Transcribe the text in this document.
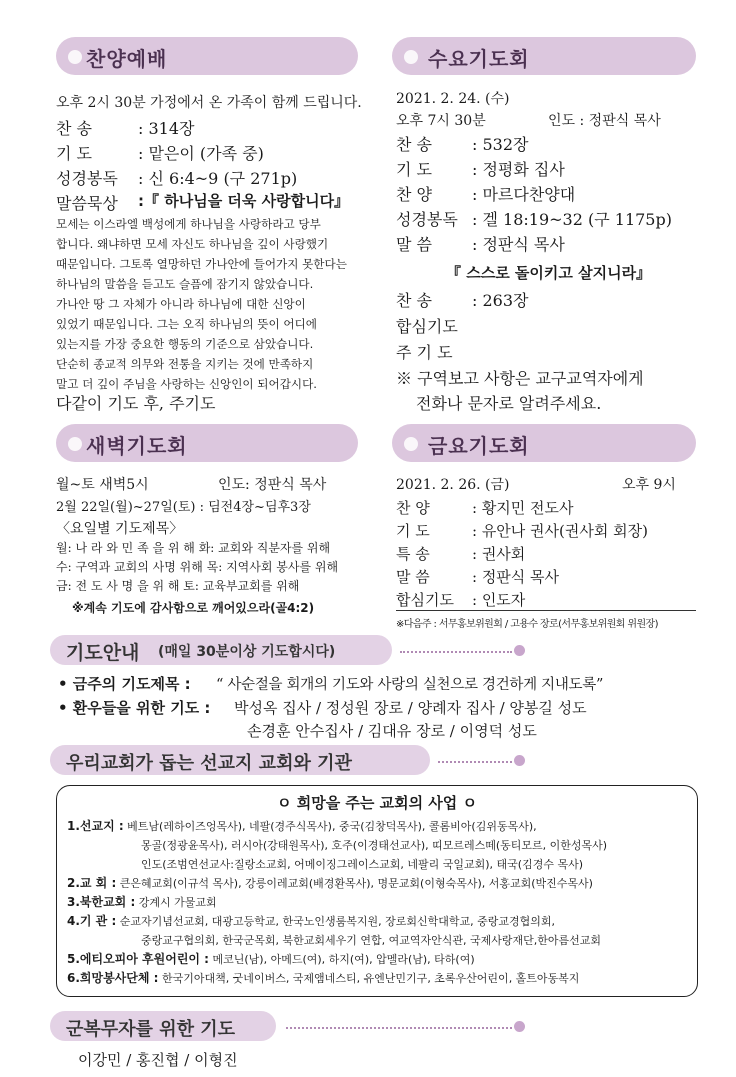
찬양예배
오후 2시 30분 가정에서 온 가족이 함께 드립니다.
찬 송	: 314장
기 도	: 맡은이 (가족 중)
성경봉독 : 신 6:4~9 (구 271p)
말씀묵상 :『 하나님을 더욱 사랑합니다』
모세는 이스라엘 백성에게 하나님을 사랑하라고 당부
합니다. 왜냐하면 모세 자신도 하나님을 깊이 사랑했기
때문입니다. 그토록 열망하던 가나안에 들어가지 못한다는
하나님의 말씀을 듣고도 슬픔에 잠기지 않았습니다.
가나안 땅 그 자체가 아니라 하나님에 대한 신앙이
있었기 때문입니다. 그는 오직 하나님의 뜻이 어디에
있는지를 가장 중요한 행동의 기준으로 삼았습니다.
단순히 종교적 의무와 전통을 지키는 것에 만족하지
말고 더 깊이 주님을 사랑하는 신앙인이 되어갑시다.
다같이 기도 후, 주기도
수요기도회
2021. 2. 24. (수)
오후 7시 30분	인도 : 정판식 목사
찬 송	: 532장
기 도	: 정평화 집사
찬 양	: 마르다찬양대
성경봉독 : 겔 18:19~32 (구 1175p)
말 씀	: 정판식 목사
『 스스로 돌이키고 살지니라』
찬 송	: 263장
합심기도
주 기 도
※ 구역보고 사항은 교구교역자에게
전화나 문자로 알려주세요.
새벽기도회
월~토 새벽5시	인도: 정판식 목사
2월 22일(월)~27일(토) : 딤전4장~딤후3장
〈요일별 기도제목〉
월: 나 라 와 민 족 을 위 해 화: 교회와 직분자를 위해
수: 구역과 교회의 사명 위해 목: 지역사회 봉사를 위해
금: 전 도 사 명 을 위 해 토: 교육부교회를 위해
※계속 기도에 감사함으로 깨어있으라(골4:2)
금요기도회
2021. 2. 26. (금)	오후 9시
찬 양	: 황지민 전도사
기 도	: 유안나 권사(권사회 회장)
특 송	: 권사회
말 씀	: 정판식 목사
합심기도 : 인도자
※다음주 : 서무홍보위원회 / 고용수 장로(서무홍보위원회 위원장)
기도안내 (매일 30분이상 기도합시다)
• 금주의 기도제목 : “ 사순절을 회개의 기도와 사랑의 실천으로 경건하게 지내도록”
• 환우들을 위한 기도 : 박성옥 집사 / 정성원 장로 / 양례자 집사 / 양봉길 성도
손경훈 안수집사 / 김대유 장로 / 이영덕 성도
우리교회가 돕는 선교지 교회와 기관
ㅇ 희망을 주는 교회의 사업 ㅇ
1.선교지 : 베트남(레하이즈엉목사), 네팔(경주식목사), 중국(김창덕목사), 콜롬비아(김위동목사),
몽골(정광윤목사), 러시아(강태원목사), 호주(이경태선교사), 띠모르레스떼(동티모르, 이한성목사)
인도(조범연선교사:질랑소교회, 어메이징그레이스교회, 네팔리 국일교회), 태국(김경수 목사)
2.교 회 : 큰은혜교회(이규석 목사), 강릉이레교회(배경환목사), 명문교회(이형숙목사), 서홍교회(박진수목사)
3.북한교회 : 강계시 가물교회
4.기 관 : 순교자기념선교회, 대광고등학교, 한국노인생룸복지원, 장로회신학대학교, 중랑교경협의회,
중랑교구협의회, 한국군목회, 북한교회세우기 연합, 여교역자안식관, 국제사랑재단,한아름선교회
5.에티오피아 후원어린이 : 메코닌(남), 아메드(여), 하지(여), 압멜라(남), 타하(여)
6.희망봉사단체 : 한국기아대책, 굿네이버스, 국제앰네스티, 유엔난민기구, 초록우산어린이, 홀트아동복지
군복무자를 위한 기도
이강민 / 홍진협 / 이형진
